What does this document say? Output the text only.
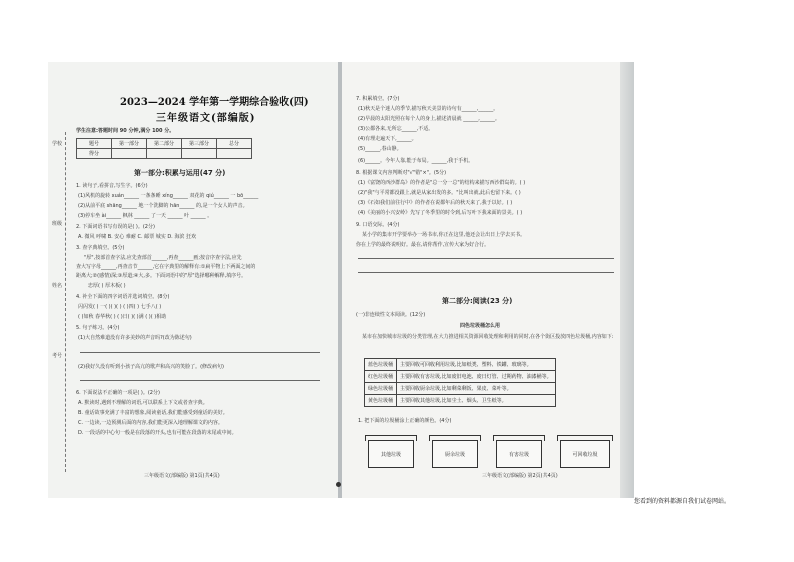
学校
班级
姓名
考号
2023—2024 学年第一学期综合验收(四)
三年级语文(部编版)
学生注意:答题时间 90 分钟,满分 100 分。
题号	第一部分	第二部分	第三部分	总分
得分				
第一部分:积累与运用(47 分)
1. 读句子,看拼音,写生字。(6分)
(1)风机的旋转 xuán______ 一条条睡 xíng______ 双花的 qiú______ 一 bō______
(2)从前平底 shāng______ 地一个洗脚的 hān______ 的,是一个女人的声音。
(3)停车坐 ài______ 枫林 ______ 了一天 ______ 叶 ______ 。
2. 下面词语书写有误的是( )。(2分)
A. 微风 呼啸 B. 安心 难耐 C. 邮票 城实 D. 海滨 狂欢
3. 查字典填空。(5分)
"厚",按部首查字法,应先查部首______,再查______画;按音序查字法,应先
查大写字母______,再查音节______,它在字典里的解释有:①扁平物上下两面之间的
距离大;②(感情)深;③厚道;④大,多。下面词语中的"厚"选择哪种解释,填序号。
忠厚( ) 厚木板( )
4. 补全下面的四字词语并选词填空。(8分)
闪闪发( ) 一( )( )( ) ( )四( ) 七手八( )
( )如秋 春华秋( ) ( )日( )( )满 ( )( )相助
5. 句子练习。(4分)
(1)大自然难道没有许多美妙的声音吗?(改为陈述句)
(2)我好久没有听到小孩子高亢的歌声和高兴的笑脸了。(修改病句)
6. 下面说法不正确的一项是( )。(2分)
A. 默读时,遇到不理解的词语,可以联系上下文或者查字典。
B. 童话故事充满了丰富的想象,阅读童话,我们能感受到童话的美好。
C. 一边读,一边预测后面的内容,我们能更深入地理解课文的内容。
D. 一段话的中心句一般是在段落的开头,也有可能在段落的末尾或中间。
三年级语文(部编版) 第1页(共4页)
7. 积累填空。(7分)
(1)秋天是个迷人的季节,描写秋天美景的诗句有______,______。
(2)早晨的太阳光照在每个人的身上,描述清晨就 ______,______。
(3)公都各来,无所忘______,不适。
(4)有理走遍天下,______。
(5)______,春山静。
(6)______。今年人靠,能于布局。______,我于手机。
8. 根据课文内容判断对"√"错"×"。(5分)
(1)《富饶的西沙群岛》的作者是"总一分一总"的结构来描写西沙群岛的。( )
(2)"我"与平常都没跟上,就是从家出发的多。"比叫出就,此后也留下来。( )
(3)《石如我们前往行中》的作者在说都年后的秋天来了,我于以好。( )
(4)《美丽的小兴安岭》先写了冬季里的时令到,后写叶下我来面的景美。( )
9. 口语交际。(4分)
某小学的集市开学要举办一场书市,你正在这里,他还会让出日上学去买书。
你在上学的最终说明好。最在,请你帮作,宣传大家为好合行。
第二部分:阅读(23 分)
(一)非连续性文本阅读。(12分)
四色垃圾桶怎么用
某市在加快城市垃圾的分类管理,在大力推进相关资源回收处理和利用的同时,在各个街区投放四色垃圾桶,内容如下:
蓝色垃圾桶	主要回收可回收利用垃圾,比如纸类、塑料、铁罐、玻璃等。
红色垃圾桶	主要回收有害垃圾,比如废旧电池、废日灯管、过期药物、油漆桶等。
绿色垃圾桶	主要回收厨余垃圾,比如剩菜剩饭、果皮、菜叶等。
黄色垃圾桶	主要回收其他垃圾,比如尘土、烟头、卫生纸等。
1. 把下面的垃圾桶涂上正确的颜色。(4分)
其他垃圾	厨余垃圾	有害垃圾	可回收垃圾
三年级语文(部编版) 第2页(共4页)
您看到的资料都源自我们试卷网站。
